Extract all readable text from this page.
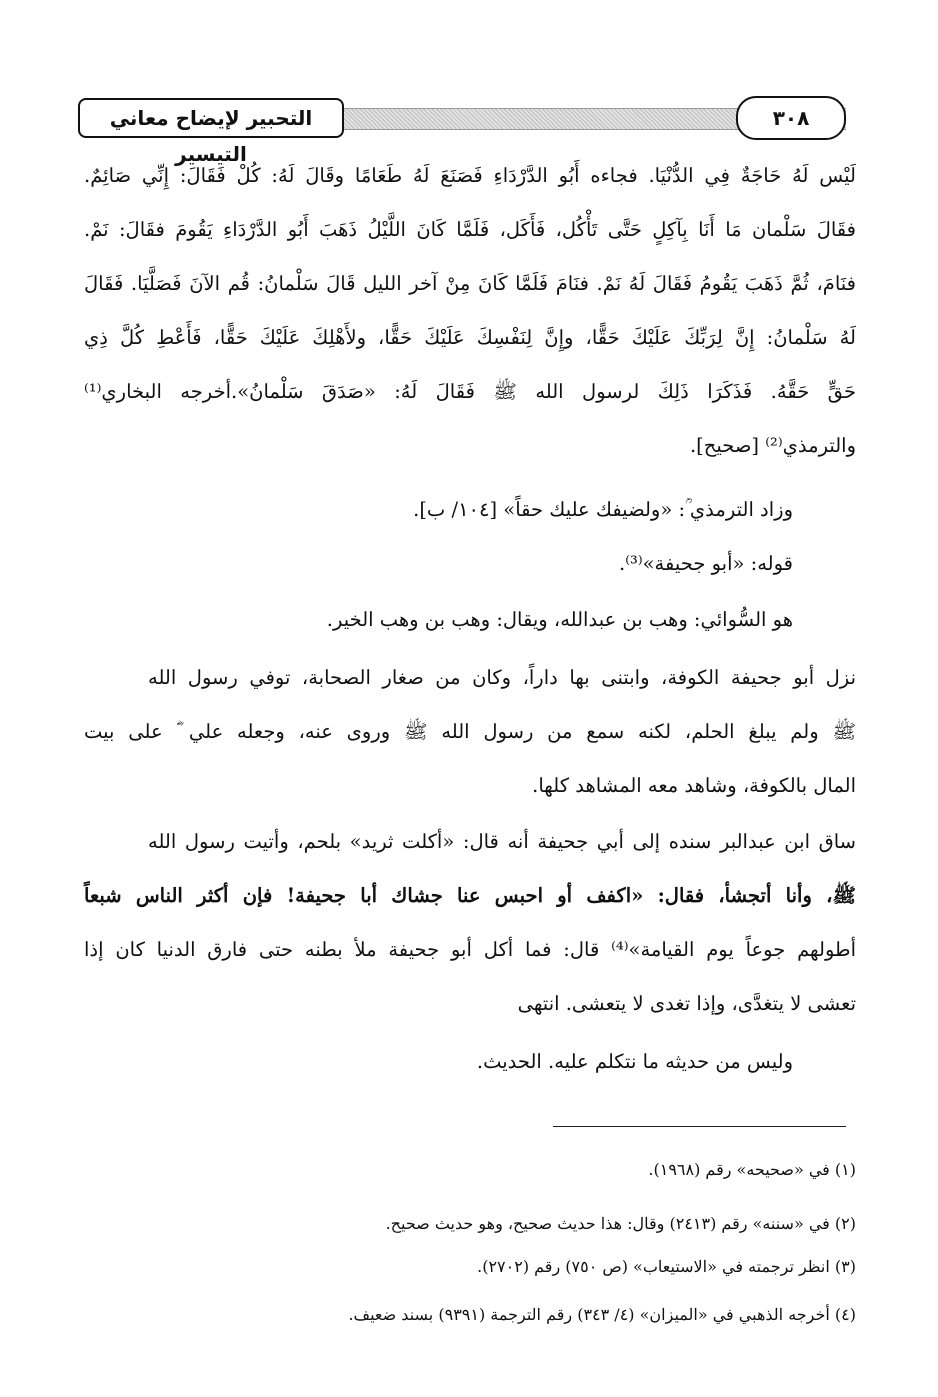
التحبير لإيضاح معاني التيسير
٣٠٨
لَيْس لَهُ حَاجَةٌ فِي الدُّنْيَا. فجاءه أَبُو الدَّرْدَاءِ فَصَنَعَ لَهُ طَعَامًا وقَالَ لَهُ: كُلْ فَقَالَ: إِنِّي صَائِمٌ.
فقَالَ سَلْمان مَا أَنَا بِآكِلٍ حَتَّى تَأْكُل، فَأَكَل، فَلَمَّا كَانَ اللَّيْلُ ذَهَبَ أَبُو الدَّرْدَاءِ يَقُومَ فقَالَ: نَمْ.
فنَامَ، ثُمَّ ذَهَبَ يَقُومُ فَقَالَ لَهُ نَمْ. فنَامَ فَلَمَّا كَانَ مِنْ آخر الليل قَالَ سَلْمانُ: قُم الآنَ فَصَلَّيَا. فَقَالَ
لَهُ سَلْمانُ: إِنَّ لِرَبِّكَ عَلَيْكَ حَقًّا، وإِنَّ لِنَفْسِكَ عَلَيْكَ حَقًّا، ولأَهْلِكَ عَلَيْكَ حَقًّا، فَأَعْطِ كُلَّ ذِي
حَقٍّ حَقَّهُ. فَذَكَرَا ذَلِكَ لرسول الله ﷺ فَقَالَ لَهُ: «صَدَقَ سَلْمانُ».أخرجه البخاري⁽¹⁾
والترمذي⁽²⁾ [صحيح].
وزاد الترمذي ؒ: «ولضيفك عليك حقاً» [١٠٤/ ب].
قوله: «أبو جحيفة»⁽³⁾.
هو السُّوائي: وهب بن عبدالله، ويقال: وهب بن وهب الخير.
نزل أبو جحيفة الكوفة، وابتنى بها داراً، وكان من صغار الصحابة، توفي رسول الله
ﷺ ولم يبلغ الحلم، لكنه سمع من رسول الله ﷺ وروى عنه، وجعله علي ؓ على بيت
المال بالكوفة، وشاهد معه المشاهد كلها.
ساق ابن عبدالبر سنده إلى أبي جحيفة أنه قال: «أكلت ثريد» بلحم، وأتيت رسول الله
ﷺ، وأنا أتجشأ، فقال: «اكفف أو احبس عنا جشاك أبا جحيفة! فإن أكثر الناس شبعاً
أطولهم جوعاً يوم القيامة»⁽⁴⁾ قال: فما أكل أبو جحيفة ملأ بطنه حتى فارق الدنيا كان إذا
تعشى لا يتغدَّى، وإذا تغدى لا يتعشى. انتهى
وليس من حديثه ما نتكلم عليه. الحديث.
(١) في «صحيحه» رقم (١٩٦٨).
(٢) في «سننه» رقم (٢٤١٣) وقال: هذا حديث صحيح، وهو حديث صحيح.
(٣) انظر ترجمته في «الاستيعاب» (ص ٧٥٠) رقم (٢٧٠٢).
(٤) أخرجه الذهبي في «الميزان» (٤/ ٣٤٣) رقم الترجمة (٩٣٩١) بسند ضعيف.
